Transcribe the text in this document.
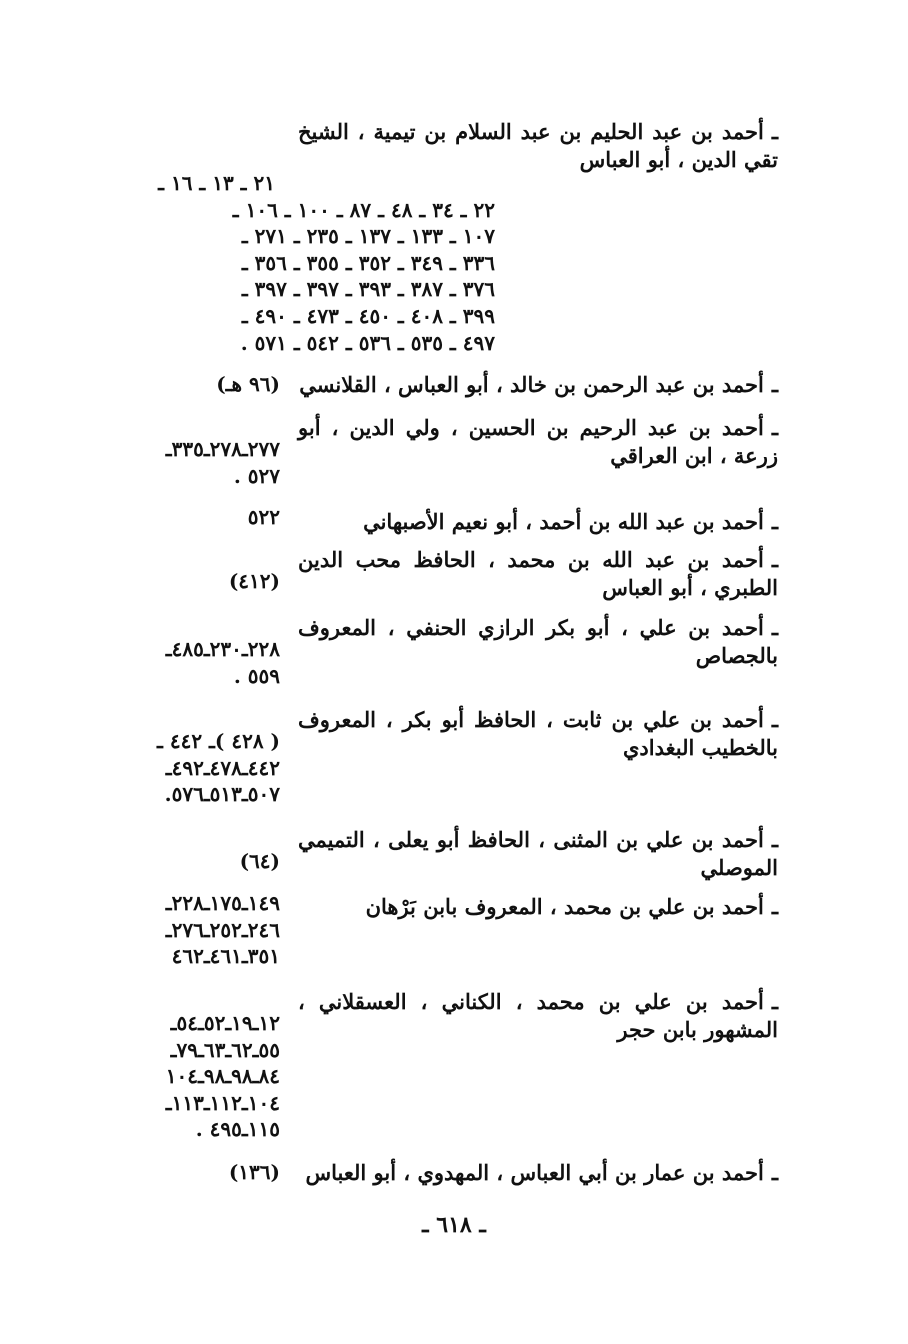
ـأحمد بن عبد الحليم بن عبد السلام بن تيمية ، الشيخ تقي الدين ، أبو العباس
٢١ ـ ١٣ ـ ١٦ ـ
٢٢ ـ ٣٤ ـ ٤٨ ـ ٨٧ ـ ١٠٠ ـ ١٠٦ ـ
١٠٧ ـ ١٣٣ ـ ١٣٧ ـ ٢٣٥ ـ ٢٧١ ـ
٣٣٦ ـ ٣٤٩ ـ ٣٥٢ ـ ٣٥٥ ـ ٣٥٦ ـ
٣٧٦ ـ ٣٨٧ ـ ٣٩٣ ـ ٣٩٧ ـ ٣٩٧ ـ
٣٩٩ ـ ٤٠٨ ـ ٤٥٠ ـ ٤٧٣ ـ ٤٩٠ ـ
٤٩٧ ـ ٥٣٥ ـ ٥٣٦ ـ ٥٤٢ ـ ٥٧١ .
ـأحمد بن عبد الرحمن بن خالد ، أبو العباس ، القلانسي
(٩٦ هـ)
ـأحمد بن عبد الرحيم بن الحسين ، ولي الدين ، أبو زرعة ، ابن العراقي
٢٧٧ـ٢٧٨ـ٣٣٥ـ
٥٢٧ .
ـأحمد بن عبد الله بن أحمد ، أبو نعيم الأصبهاني
٥٢٢
ـأحمد بن عبد الله بن محمد ، الحافظ محب الدين الطبري ، أبو العباس
(٤١٢)
ـأحمد بن علي ، أبو بكر الرازي الحنفي ، المعروف بالجصاص
٢٢٨ـ٢٣٠ـ٤٨٥ـ
٥٥٩ .
ـأحمد بن علي بن ثابت ، الحافظ أبو بكر ، المعروف بالخطيب البغدادي
( ٤٢٨ )ـ ٤٤٢ ـ
٤٤٢ـ٤٧٨ـ٤٩٢ـ
٥٠٧ـ٥١٣ـ٥٧٦.
ـأحمد بن علي بن المثنى ، الحافظ أبو يعلى ، التميمي الموصلي
(٦٤)
ـأحمد بن علي بن محمد ، المعروف بابن بَرْهان
١٤٩ـ١٧٥ـ٢٢٨ـ
٢٤٦ـ٢٥٢ـ٢٧٦ـ
٣٥١ـ٤٦١ـ٤٦٢
ـأحمد بن علي بن محمد ، الكناني ، العسقلاني ، المشهور بابن حجر
١٢ـ١٩ـ٥٢ـ٥٤ـ
٥٥ـ٦٢ـ٦٣ـ٧٩ـ
٨٤ـ٩٨ـ٩٨ـ١٠٤
١٠٤ـ١١٢ـ١١٣ـ
١١٥ـ٤٩٥ .
ـأحمد بن عمار بن أبي العباس ، المهدوي ، أبو العباس
(١٣٦)
ـ ٦١٨ ـ
